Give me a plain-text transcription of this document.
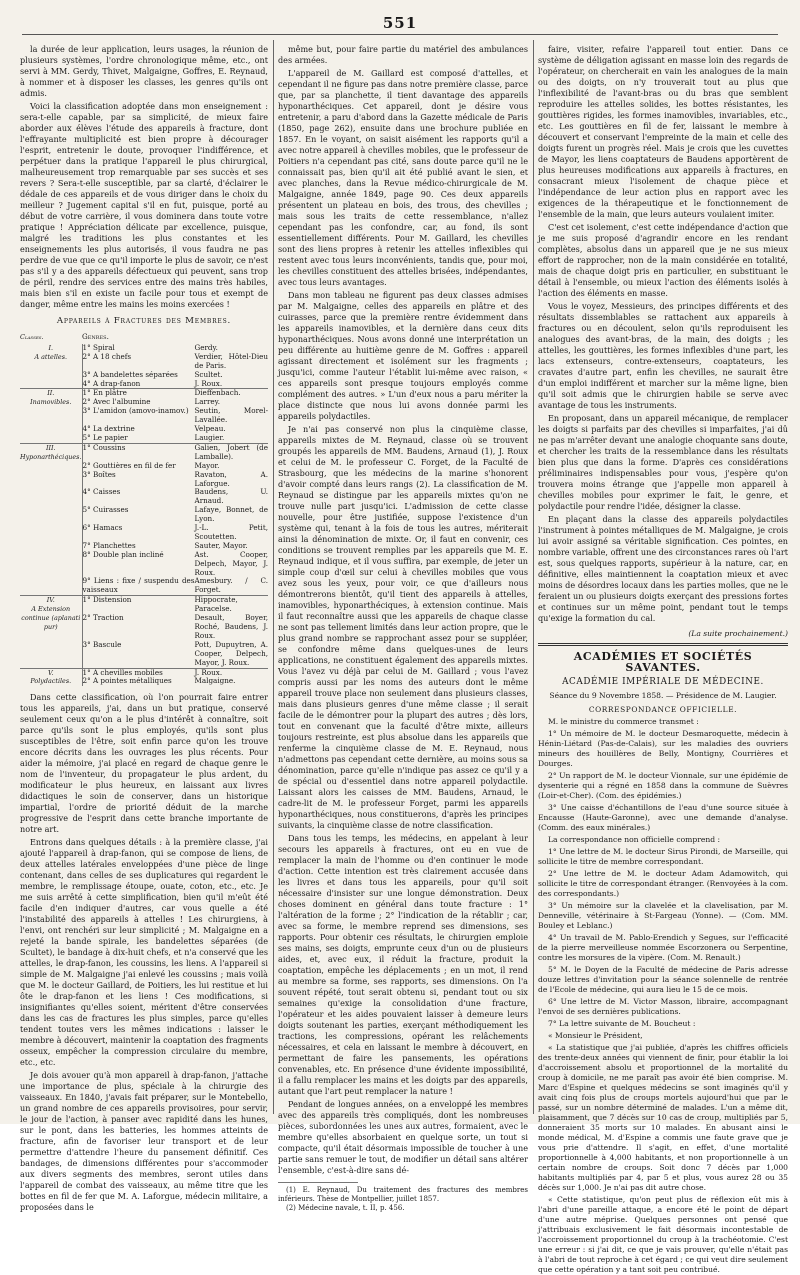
551

la durée de leur application, leurs usages, la réunion de plusieurs systèmes, l'ordre chronologique même, etc., ont servi à MM. Gerdy, Thivet, Malgaigne, Goffres, E. Reynaud, à nommer et à disposer les classes, les genres qu'ils ont admis.

Voici la classification adoptée dans mon enseignement : sera-t-elle capable, par sa simplicité, de mieux faire aborder aux élèves l'étude des appareils à fracture, dont l'effrayante multiplicité est bien propre à décourager l'esprit, entretenir le doute, provoquer l'indifférence, et perpétuer dans la pratique l'appareil le plus chirurgical, malheureusement trop remarquable par ses succès et ses revers ? Sera-t-elle susceptible, par sa clarté, d'éclairer le dédale de ces appareils et de vous diriger dans le choix du meilleur ? Jugement capital s'il en fut, puisque, porté au début de votre carrière, il vous dominera dans toute votre pratique ! Appréciation délicate par excellence, puisque, malgré les traditions les plus constantes et les enseignements les plus autorisés, il vous faudra ne pas perdre de vue que ce qu'il importe le plus de savoir, ce n'est pas s'il y a des appareils défectueux qui peuvent, sans trop de péril, rendre des services entre des mains très habiles, mais bien s'il en existe un facile pour tous et exempt de danger, même entre les mains les moins exercées !

Appareils à Fractures des Membres.
Classes.	Genres.	
I.
A attelles.	1° Spiral	Gerdy.
	2° A 18 chefs	Verdier, Hôtel-Dieu de Paris.
	3° A bandelettes séparées	Scultet.
	4° A drap-fanon	J. Roux.
II.
Inamovibles.	1° En plâtre	Dieffenbach.
	2° Avec l'albumine	Larrey.
	3° L'amidon (amovo-inamov.)	Seutin, Morel-Lavallée.
	4° La dextrine	Velpeau.
	5° Le papier	Laugier.
III.
Hyponarthéciques.	1° Coussins	Galien, Jobert (de Lamballe).
	2° Gouttières en fil de fer	Mayor.
	3° Boîtes	Ravaton, A. Laforgue.
	4° Caisses	Baudens, U. Arnaud.
	5° Cuirasses	Lafaye, Bonnet, de Lyon.
	6° Hamacs	J.-L. Petit, Scoutetten.
	7° Planchettes	Sauter, Mayor.
	8° Double plan incliné	Ast. Cooper, Delpech, Mayor, J. Roux.
	9° Liens : fixe / suspendu des vaisseaux	Amesbury. / C. Forget.
IV.
A Extension continue (aplanati pur)	1° Distension	Hippocrate, Paracelse.
	2° Traction	Desault, Boyer, Roché, Baudens, J. Roux.
	3° Bascule	Pott, Dupuytren, A. Cooper, Delpech, Mayor, J. Roux.
V.
Polydactiles.	1° A chevilles mobiles	J. Roux.
	2° A pointes métalliques	Malgaigne.

Dans cette classification, où l'on pourrait faire entrer tous les appareils, j'ai, dans un but pratique, conservé seulement ceux qu'on a le plus d'intérêt à connaître, soit parce qu'ils sont le plus employés, qu'ils sont plus susceptibles de l'être, soit enfin parce qu'on les trouve encore décrits dans les ouvrages les plus récents. Pour aider la mémoire, j'ai placé en regard de chaque genre le nom de l'inventeur, du propagateur le plus ardent, du modificateur le plus heureux, en laissant aux livres didactiques le soin de conserver, dans un historique impartial, l'ordre de priorité déduit de la marche progressive de l'esprit dans cette branche importante de notre art.

Entrons dans quelques détails : à la première classe, j'ai ajouté l'appareil à drap-fanon, qui se compose de liens, de deux attelles latérales enveloppées d'une pièce de linge contenant, dans celles de ses duplicatures qui regardent le membre, le remplissage étoupe, ouate, coton, etc., etc. Je me suis arrêté à cette simplification, bien qu'il m'eût été facile d'en indiquer d'autres, car vous quelle a été l'instabilité des appareils à attelles ! Les chirurgiens, à l'envi, ont renchéri sur leur simplicité ; M. Malgaigne en a rejeté la bande spirale, les bandelettes séparées (de Scultet), le bandage à dix-huit chefs, et n'a conservé que les attelles, le drap-fanon, les coussins, les liens. A l'appareil si simple de M. Malgaigne j'ai enlevé les coussins ; mais voilà que M. le docteur Gaillard, de Poitiers, les lui restitue et lui ôte le drap-fanon et les liens ! Ces modifications, si insignifiantes qu'elles soient, méritent d'être conservées dans les cas de fractures les plus simples, parce qu'elles tendent toutes vers les mêmes indications : laisser le membre à découvert, maintenir la coaptation des fragments osseux, empêcher la compression circulaire du membre, etc., etc.

Je dois avouer qu'à mon appareil à drap-fanon, j'attache une importance de plus, spéciale à la chirurgie des vaisseaux. En 1840, j'avais fait préparer, sur le Montebello, un grand nombre de ces appareils provisoires, pour servir, le jour de l'action, à panser avec rapidité dans les hunes, sur le pont, dans les batteries, les hommes atteints de fracture, afin de favoriser leur transport et de leur permettre d'attendre l'heure du pansement définitif. Ces bandages, de dimensions différentes pour s'accommoder aux divers segments des membres, seront utiles dans l'appareil de combat des vaisseaux, au même titre que les bottes en fil de fer que M. A. Laforgue, médecin militaire, a proposées dans le

même but, pour faire partie du matériel des ambulances des armées.

L'appareil de M. Gaillard est composé d'attelles, et cependant il ne figure pas dans notre première classe, parce que, par sa planchette, il tient davantage des appareils hyponarthéciques. Cet appareil, dont je désire vous entretenir, a paru d'abord dans la Gazette médicale de Paris (1850, page 262), ensuite dans une brochure publiée en 1857. En le voyant, on saisit aisément les rapports qu'il a avec notre appareil à chevilles mobiles, que le professeur de Poitiers n'a cependant pas cité, sans doute parce qu'il ne le connaissait pas, bien qu'il ait été publié avant le sien, et avec planches, dans la Revue médico-chirurgicale de M. Malgaigne, année 1849, page 90. Ces deux appareils présentent un plateau en bois, des trous, des chevilles ; mais sous les traits de cette ressemblance, n'allez cependant pas les confondre, car, au fond, ils sont essentiellement différents. Pour M. Gaillard, les chevilles sont des liens propres à retenir les attelles inflexibles qui restent avec tous leurs inconvénients, tandis que, pour moi, les chevilles constituent des attelles brisées, indépendantes, avec tous leurs avantages.

Dans mon tableau ne figurent pas deux classes admises par M. Malgaigne, celles des appareils en plâtre et des cuirasses, parce que la première rentre évidemment dans les appareils inamovibles, et la dernière dans ceux dits hyponarthéciques. Nous avons donné une interprétation un peu différente au huitième genre de M. Goffres : appareil agissant directement et isolément sur les fragments ; jusqu'ici, comme l'auteur l'établit lui-même avec raison, « ces appareils sont presque toujours employés comme complément des autres. » L'un d'eux nous a paru mériter la place distincte que nous lui avons donnée parmi les appareils polydactiles.

Je n'ai pas conservé non plus la cinquième classe, appareils mixtes de M. Reynaud, classe où se trouvent groupés les appareils de MM. Baudens, Arnaud (1), J. Roux et celui de M. le professeur C. Forget, de la Faculté de Strasbourg, que les médecins de la marine s'honorent d'avoir compté dans leurs rangs (2). La classification de M. Reynaud se distingue par les appareils mixtes qu'on ne trouve nulle part jusqu'ici. L'admission de cette classe nouvelle, pour être justifiée, suppose l'existence d'un système qui, tenant à la fois de tous les autres, mériterait ainsi la dénomination de mixte. Or, il faut en convenir, ces conditions se trouvent remplies par les appareils que M. E. Reynaud indique, et il vous suffira, par exemple, de jeter un simple coup d'œil sur celui à chevilles mobiles que vous avez sous les yeux, pour voir, ce que d'ailleurs nous démontrerons bientôt, qu'il tient des appareils à attelles, inamovibles, hyponarthéciques, à extension continue. Mais il faut reconnaître aussi que les appareils de chaque classe ne sont pas tellement limités dans leur action propre, que le plus grand nombre se rapprochant assez pour se suppléer, se confondre même dans quelques-unes de leurs applications, ne constituent également des appareils mixtes. Vous l'avez vu déjà par celui de M. Gaillard ; vous l'avez compris aussi par les noms des auteurs dont le même appareil trouve place non seulement dans plusieurs classes, mais dans plusieurs genres d'une même classe ; il serait facile de le démontrer pour la plupart des autres ; dès lors, tout en convenant que la faculté d'être mixte, ailleurs toujours restreinte, est plus absolue dans les appareils que renferme la cinquième classe de M. E. Reynaud, nous n'admettons pas cependant cette dernière, au moins sous sa dénomination, parce qu'elle n'indique pas assez ce qu'il y a de spécial ou d'essentiel dans notre appareil polydactile. Laissant alors les caisses de MM. Baudens, Arnaud, le cadre-lit de M. le professeur Forget, parmi les appareils hyponarthéciques, nous constituerons, d'après les principes suivants, la cinquième classe de notre classification.

Dans tous les temps, les médecins, en appelant à leur secours les appareils à fractures, ont eu en vue de remplacer la main de l'homme ou d'en continuer le mode d'action. Cette intention est très clairement accusée dans les livres et dans tous les appareils, pour qu'il soit nécessaire d'insister sur une longue démonstration. Deux choses dominent en général dans toute fracture : 1° l'altération de la forme ; 2° l'indication de la rétablir ; car, avec sa forme, le membre reprend ses dimensions, ses rapports. Pour obtenir ces résultats, le chirurgien emploie ses mains, ses doigts, emprunte ceux d'un ou de plusieurs aides, et, avec eux, il réduit la fracture, produit la coaptation, empêche les déplacements ; en un mot, il rend au membre sa forme, ses rapports, ses dimensions. On l'a souvent répété, tout serait obtenu si, pendant tout ou six semaines qu'exige la consolidation d'une fracture, l'opérateur et les aides pouvaient laisser à demeure leurs doigts soutenant les parties, exerçant méthodiquement les tractions, les compressions, opérant les relâchements nécessaires, et cela en laissant le membre à découvert, en permettant de faire les pansements, les opérations convenables, etc. En présence d'une évidente impossibilité, il a fallu remplacer les mains et les doigts par des appareils, autant que l'art peut remplacer la nature !

Pendant de longues années, on a enveloppé les membres avec des appareils très compliqués, dont les nombreuses pièces, subordonnées les unes aux autres, formaient, avec le membre qu'elles absorbaient en quelque sorte, un tout si compacte, qu'il était désormais impossible de toucher à une partie sans remuer le tout, de modifier un détail sans altérer l'ensemble, c'est-à-dire sans dé-

(1) E. Reynaud, Du traitement des fractures des membres inférieurs. Thèse de Montpellier, juillet 1857.

(2) Médecine navale, t. II, p. 456.

faire, visiter, refaire l'appareil tout entier. Dans ce système de déligation agissant en masse loin des regards de l'opérateur, on chercherait en vain les analogues de la main ou des doigts, on n'y trouverait tout au plus que l'inflexibilité de l'avant-bras ou du bras que semblent reproduire les attelles solides, les bottes résistantes, les gouttières rigides, les formes inamovibles, invariables, etc., etc. Les gouttières en fil de fer, laissant le membre à découvert et conservant l'empreinte de la main et celle des doigts furent un progrès réel. Mais je crois que les cuvettes de Mayor, les liens coaptateurs de Baudens apportèrent de plus heureuses modifications aux appareils à fractures, en consacrant mieux l'isolement de chaque pièce et l'indépendance de leur action plus en rapport avec les exigences de la thérapeutique et le fonctionnement de l'ensemble de la main, que leurs auteurs voulaient imiter.

C'est cet isolement, c'est cette indépendance d'action que je me suis proposé d'agrandir encore en les rendant complètes, absolus dans un appareil que je ne sus mieux effort de rapprocher, non de la main considérée en totalité, mais de chaque doigt pris en particulier, en substituant le détail à l'ensemble, ou mieux l'action des éléments isolés à l'action des éléments en masse.

Vous le voyez, Messieurs, des principes différents et des résultats dissemblables se rattachent aux appareils à fractures ou en découlent, selon qu'ils reproduisent les analogues des avant-bras, de la main, des doigts ; les attelles, les gouttières, les formes inflexibles d'une part, les lacs extenseurs, contre-extenseurs, coaptateurs, les cravates d'autre part, enfin les chevilles, ne saurait être d'un emploi indifférent et marcher sur la même ligne, bien qu'il soit admis que le chirurgien habile se serve avec avantage de tous les instruments.

En proposant, dans un appareil mécanique, de remplacer les doigts si parfaits par des chevilles si imparfaites, j'ai dû ne pas m'arrêter devant une analogie choquante sans doute, et chercher les traits de la ressemblance dans les résultats bien plus que dans la forme. D'après ces considérations préliminaires indispensables pour vous, j'espère qu'on trouvera moins étrange que j'appelle mon appareil à chevilles mobiles pour exprimer le fait, le genre, et polydactile pour rendre l'idée, désigner la classe.

En plaçant dans la classe des appareils polydactiles l'instrument à pointes métalliques de M. Malgaigne, je crois lui avoir assigné sa véritable signification. Ces pointes, en nombre variable, offrent une des circonstances rares où l'art est, sous quelques rapports, supérieur à la nature, car, en définitive, elles maintiennent la coaptation mieux et avec moins de désordres locaux dans les parties molles, que ne le feraient un ou plusieurs doigts exerçant des pressions fortes et continues sur un même point, pendant tout le temps qu'exige la formation du cal.

(La suite prochainement.)
ACADÉMIES ET SOCIÉTÉS SAVANTES.
ACADÉMIE IMPÉRIALE DE MÉDECINE.
Séance du 9 Novembre 1858. — Présidence de M. Laugier.
CORRESPONDANCE OFFICIELLE.

M. le ministre du commerce transmet :

1° Un mémoire de M. le docteur Desmaroquette, médecin à Hénin-Liétard (Pas-de-Calais), sur les maladies des ouvriers mineurs des houillères de Belly, Montigny, Courrières et Dourges.

2° Un rapport de M. le docteur Vionnale, sur une épidémie de dysenterie qui a régné en 1858 dans la commune de Suèvres (Loir-et-Cher). (Com. des épidémies.)

3° Une caisse d'échantillons de l'eau d'une source située à Encausse (Haute-Garonne), avec une demande d'analyse. (Comm. des eaux minérales.)

La correspondance non officielle comprend :

1° Une lettre de M. le docteur Sirus Pirondi, de Marseille, qui sollicite le titre de membre correspondant.

2° Une lettre de M. le docteur Adam Adamowitch, qui sollicite le titre de correspondant étranger. (Renvoyées à la com. des correspondants.)

3° Un mémoire sur la clavelée et la clavelisation, par M. Denneville, vétérinaire à St-Fargeau (Yonne). — (Com. MM. Bouley et Leblanc.)

4° Un travail de M. Pablo-Erendich y Segues, sur l'efficacité de la pierre merveilleuse nommée Escorzonera ou Serpentine, contre les morsures de la vipère. (Com. M. Renault.)

5° M. le Doyen de la Faculté de médecine de Paris adresse douze lettres d'invitation pour la séance solennelle de rentrée de l'Ecole de médecine, qui aura lieu le 15 de ce mois.

6° Une lettre de M. Victor Masson, libraire, accompagnant l'envoi de ses dernières publications.

7° La lettre suivante de M. Boucheut :

« Monsieur le Président,

« La statistique que j'ai publiée, d'après les chiffres officiels des trente-deux années qui viennent de finir, pour établir la loi d'accroissement absolu et proportionnel de la mortalité du croup à domicile, ne me paraît pas avoir été bien comprise. M. Marc d'Espine et quelques médecins se sont imaginés qu'il y avait cinq fois plus de croups mortels aujourd'hui que par le passé, sur un nombre déterminé de malades. L'un a même dit, plaisamment, que 7 décès sur 10 cas de croup, multipliés par 5, donneraient 35 morts sur 10 malades. En abusant ainsi le monde médical, M. d'Espine a commis une faute grave que je vous prie d'attendre. Il s'agit, en effet, d'une mortalité proportionnelle à 4,000 habitants, et non proportionnelle à un certain nombre de croups. Soit donc 7 décès par 1,000 habitants multipliés par 4, par 5 et plus, vous aurez 28 ou 35 décès sur 1,000. Je n'ai pas dit autre chose.

« Cette statistique, qu'on peut plus de réflexion eût mis à l'abri d'une pareille attaque, a encore été le point de départ d'une autre méprise. Quelques personnes ont pensé que j'attribuais exclusivement le fait désormais incontestable de l'accroissement proportionnel du croup à la trachéotomie. C'est une erreur : si j'ai dit, ce que je vais prouver, qu'elle n'était pas à l'abri de tout reproche à cet égard ; ce qui veut dire seulement que cette opération y a tant soit peu contribué.
